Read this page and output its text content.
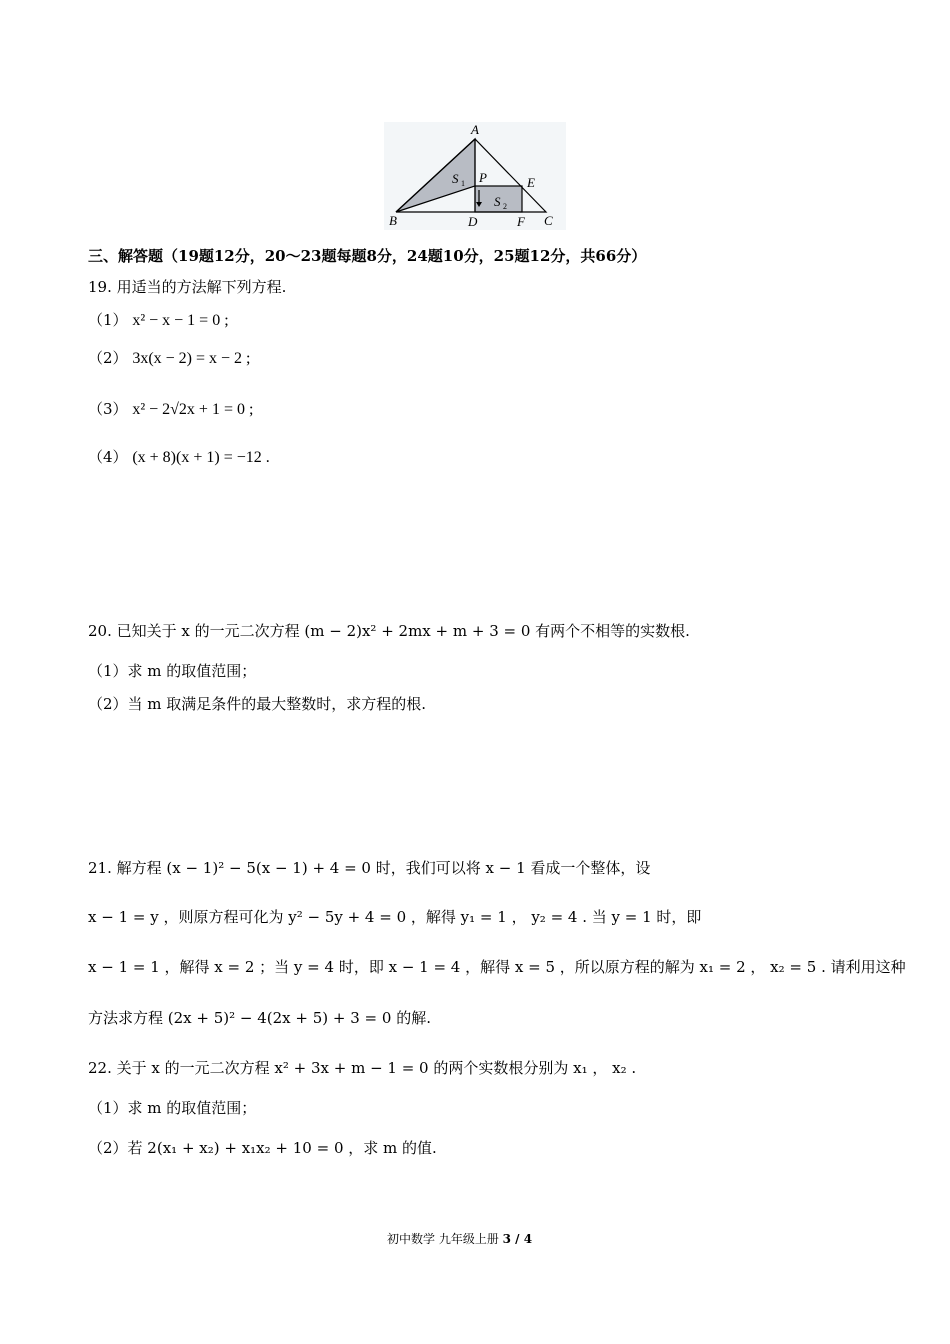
A
B	C
D
E
F
P
S
S
1
2
三、解答题（19题12分，20～23题每题8分，24题10分，25题12分，共66分）
19. 用适当的方法解下列方程.
（1） x² − x − 1 = 0 ;
（2） 3x(x − 2) = x − 2 ;
（3） x² − 2√2x + 1 = 0 ;
（4） (x + 8)(x + 1) = −12 .
20. 已知关于 x 的一元二次方程 (m − 2)x² + 2mx + m + 3 = 0 有两个不相等的实数根.
（1）求 m 的取值范围；
（2）当 m 取满足条件的最大整数时，求方程的根.
21. 解方程 (x − 1)² − 5(x − 1) + 4 = 0 时，我们可以将 x − 1 看成一个整体，设
x − 1 = y ，则原方程可化为 y² − 5y + 4 = 0 ，解得 y₁ = 1 ， y₂ = 4 . 当 y = 1 时，即
x − 1 = 1 ，解得 x = 2 ；当 y = 4 时，即 x − 1 = 4 ，解得 x = 5 ，所以原方程的解为 x₁ = 2 ， x₂ = 5 . 请利用这种
方法求方程 (2x + 5)² − 4(2x + 5) + 3 = 0 的解.
22. 关于 x 的一元二次方程 x² + 3x + m − 1 = 0 的两个实数根分别为 x₁ ， x₂ .
（1）求 m 的取值范围；
（2）若 2(x₁ + x₂) + x₁x₂ + 10 = 0 ，求 m 的值.
初中数学 九年级上册 3 / 4
